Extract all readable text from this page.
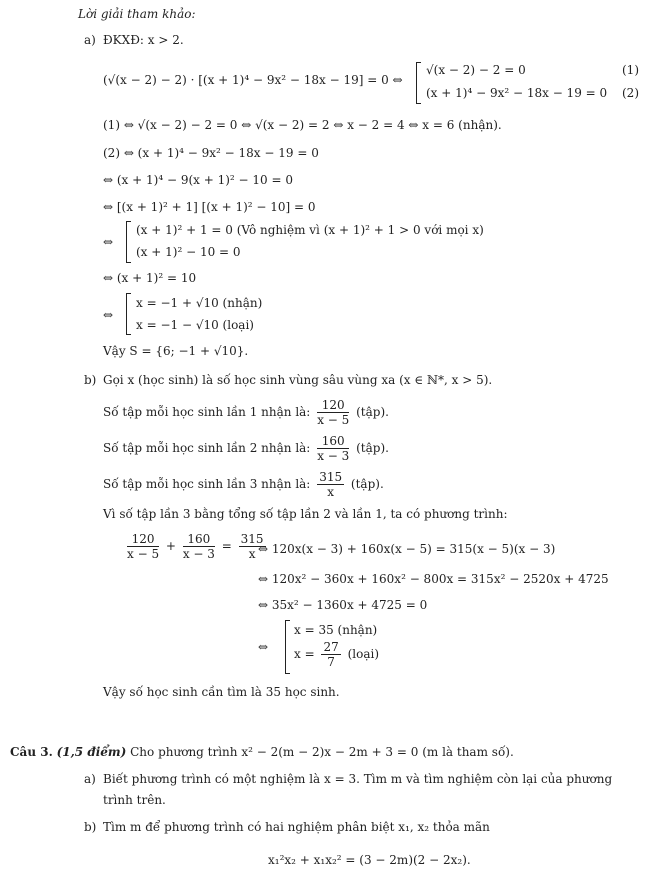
Lời giải tham khảo:
a) ĐKXĐ: x > 2.
(√(x − 2) − 2) · [(x + 1)⁴ − 9x² − 18x − 19] = 0 ⇔
√(x − 2) − 2 = 0
(x + 1)⁴ − 9x² − 18x − 19 = 0
(1)
(2)
(1) ⇔ √(x − 2) − 2 = 0 ⇔ √(x − 2) = 2 ⇔ x − 2 = 4 ⇔ x = 6 (nhận).
(2) ⇔ (x + 1)⁴ − 9x² − 18x − 19 = 0
⇔ (x + 1)⁴ − 9(x + 1)² − 10 = 0
⇔ [(x + 1)² + 1] [(x + 1)² − 10] = 0
⇔
(x + 1)² + 1 = 0 (Vô nghiệm vì (x + 1)² + 1 > 0 với mọi x)
(x + 1)² − 10 = 0
⇔ (x + 1)² = 10
⇔
x = −1 + √10 (nhận)
x = −1 − √10 (loại)
Vậy S = {6; −1 + √10}.
b) Gọi x (học sinh) là số học sinh vùng sâu vùng xa (x ∈ ℕ*, x > 5).
Số tập mỗi học sinh lần 1 nhận là: $\frac{120}{x - 5}$ (tập).
Số tập mỗi học sinh lần 2 nhận là: $\frac{160}{x - 3}$ (tập).
Số tập mỗi học sinh lần 3 nhận là: $\frac{315}{x}$ (tập).
Vì số tập lần 3 bằng tổng số tập lần 2 và lần 1, ta có phương trình:
$\frac{120}{x - 5} + \frac{160}{x - 3} = \frac{315}{x}$
⇔ 120x(x − 3) + 160x(x − 5) = 315(x − 5)(x − 3)
⇔ 120x² − 360x + 160x² − 800x = 315x² − 2520x + 4725
⇔ 35x² − 1360x + 4725 = 0
⇔
x = 35 (nhận)
$x = \frac{27}{7}$ (loại)
Vậy số học sinh cần tìm là 35 học sinh.
Câu 3. (1,5 điểm) Cho phương trình x² − 2(m − 2)x − 2m + 3 = 0 (m là tham số).
a) Biết phương trình có một nghiệm là x = 3. Tìm m và tìm nghiệm còn lại của phương
trình trên.
b) Tìm m để phương trình có hai nghiệm phân biệt x₁, x₂ thỏa mãn
x₁²x₂ + x₁x₂² = (3 − 2m)(2 − 2x₂).
